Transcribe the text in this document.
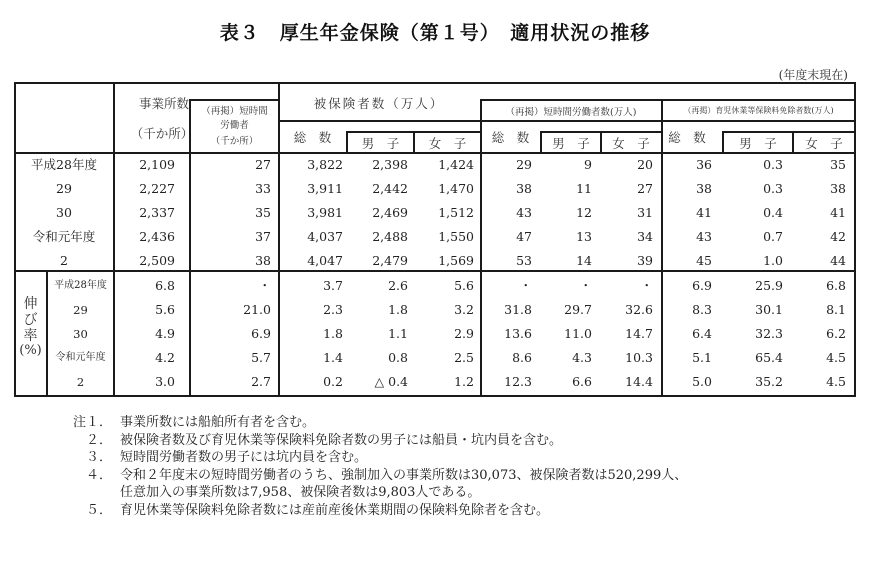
表３　厚生年金保険（第１号）　適用状況の推移
(年度末現在)
事業所数
（千か所）
（再掲）短時間
労働者
（千か所）
被保険者数（万人）
（再掲）短時間労働者数(万人)	（再掲）育児休業等保険料免除者数(万人)
総　数	男　子	女　子	総　数	男　子	女　子	総　数	男　子	女　子
伸
び
率
(%)
平成28年度	2,109	27	3,822	2,398	1,424	29	9	20	36	0.3	35
29	2,227	33	3,911	2,442	1,470	38	11	27	38	0.3	38
30	2,337	35	3,981	2,469	1,512	43	12	31	41	0.4	41
令和元年度	2,436	37	4,037	2,488	1,550	47	13	34	43	0.7	42
2	2,509	38	4,047	2,479	1,569	53	14	39	45	1.0	44
平成28年度	6.8	・	3.7	2.6	5.6	・	・	・	6.9	25.9	6.8
29	5.6	21.0	2.3	1.8	3.2	31.8	29.7	32.6	8.3	30.1	8.1
30	4.9	6.9	1.8	1.1	2.9	13.6	11.0	14.7	6.4	32.3	6.2
令和元年度	4.2	5.7	1.4	0.8	2.5	8.6	4.3	10.3	5.1	65.4	4.5
2	3.0	2.7	0.2	△ 0.4	1.2	12.3	6.6	14.4	5.0	35.2	4.5
注１． 事業所数には船舶所有者を含む。
２． 被保険者数及び育児休業等保険料免除者数の男子には船員・坑内員を含む。
３． 短時間労働者数の男子には坑内員を含む。
４． 令和２年度末の短時間労働者のうち、強制加入の事業所数は30,073、被保険者数は520,299人、
任意加入の事業所数は7,958、被保険者数は9,803人である。
５． 育児休業等保険料免除者数には産前産後休業期間の保険料免除者を含む。
